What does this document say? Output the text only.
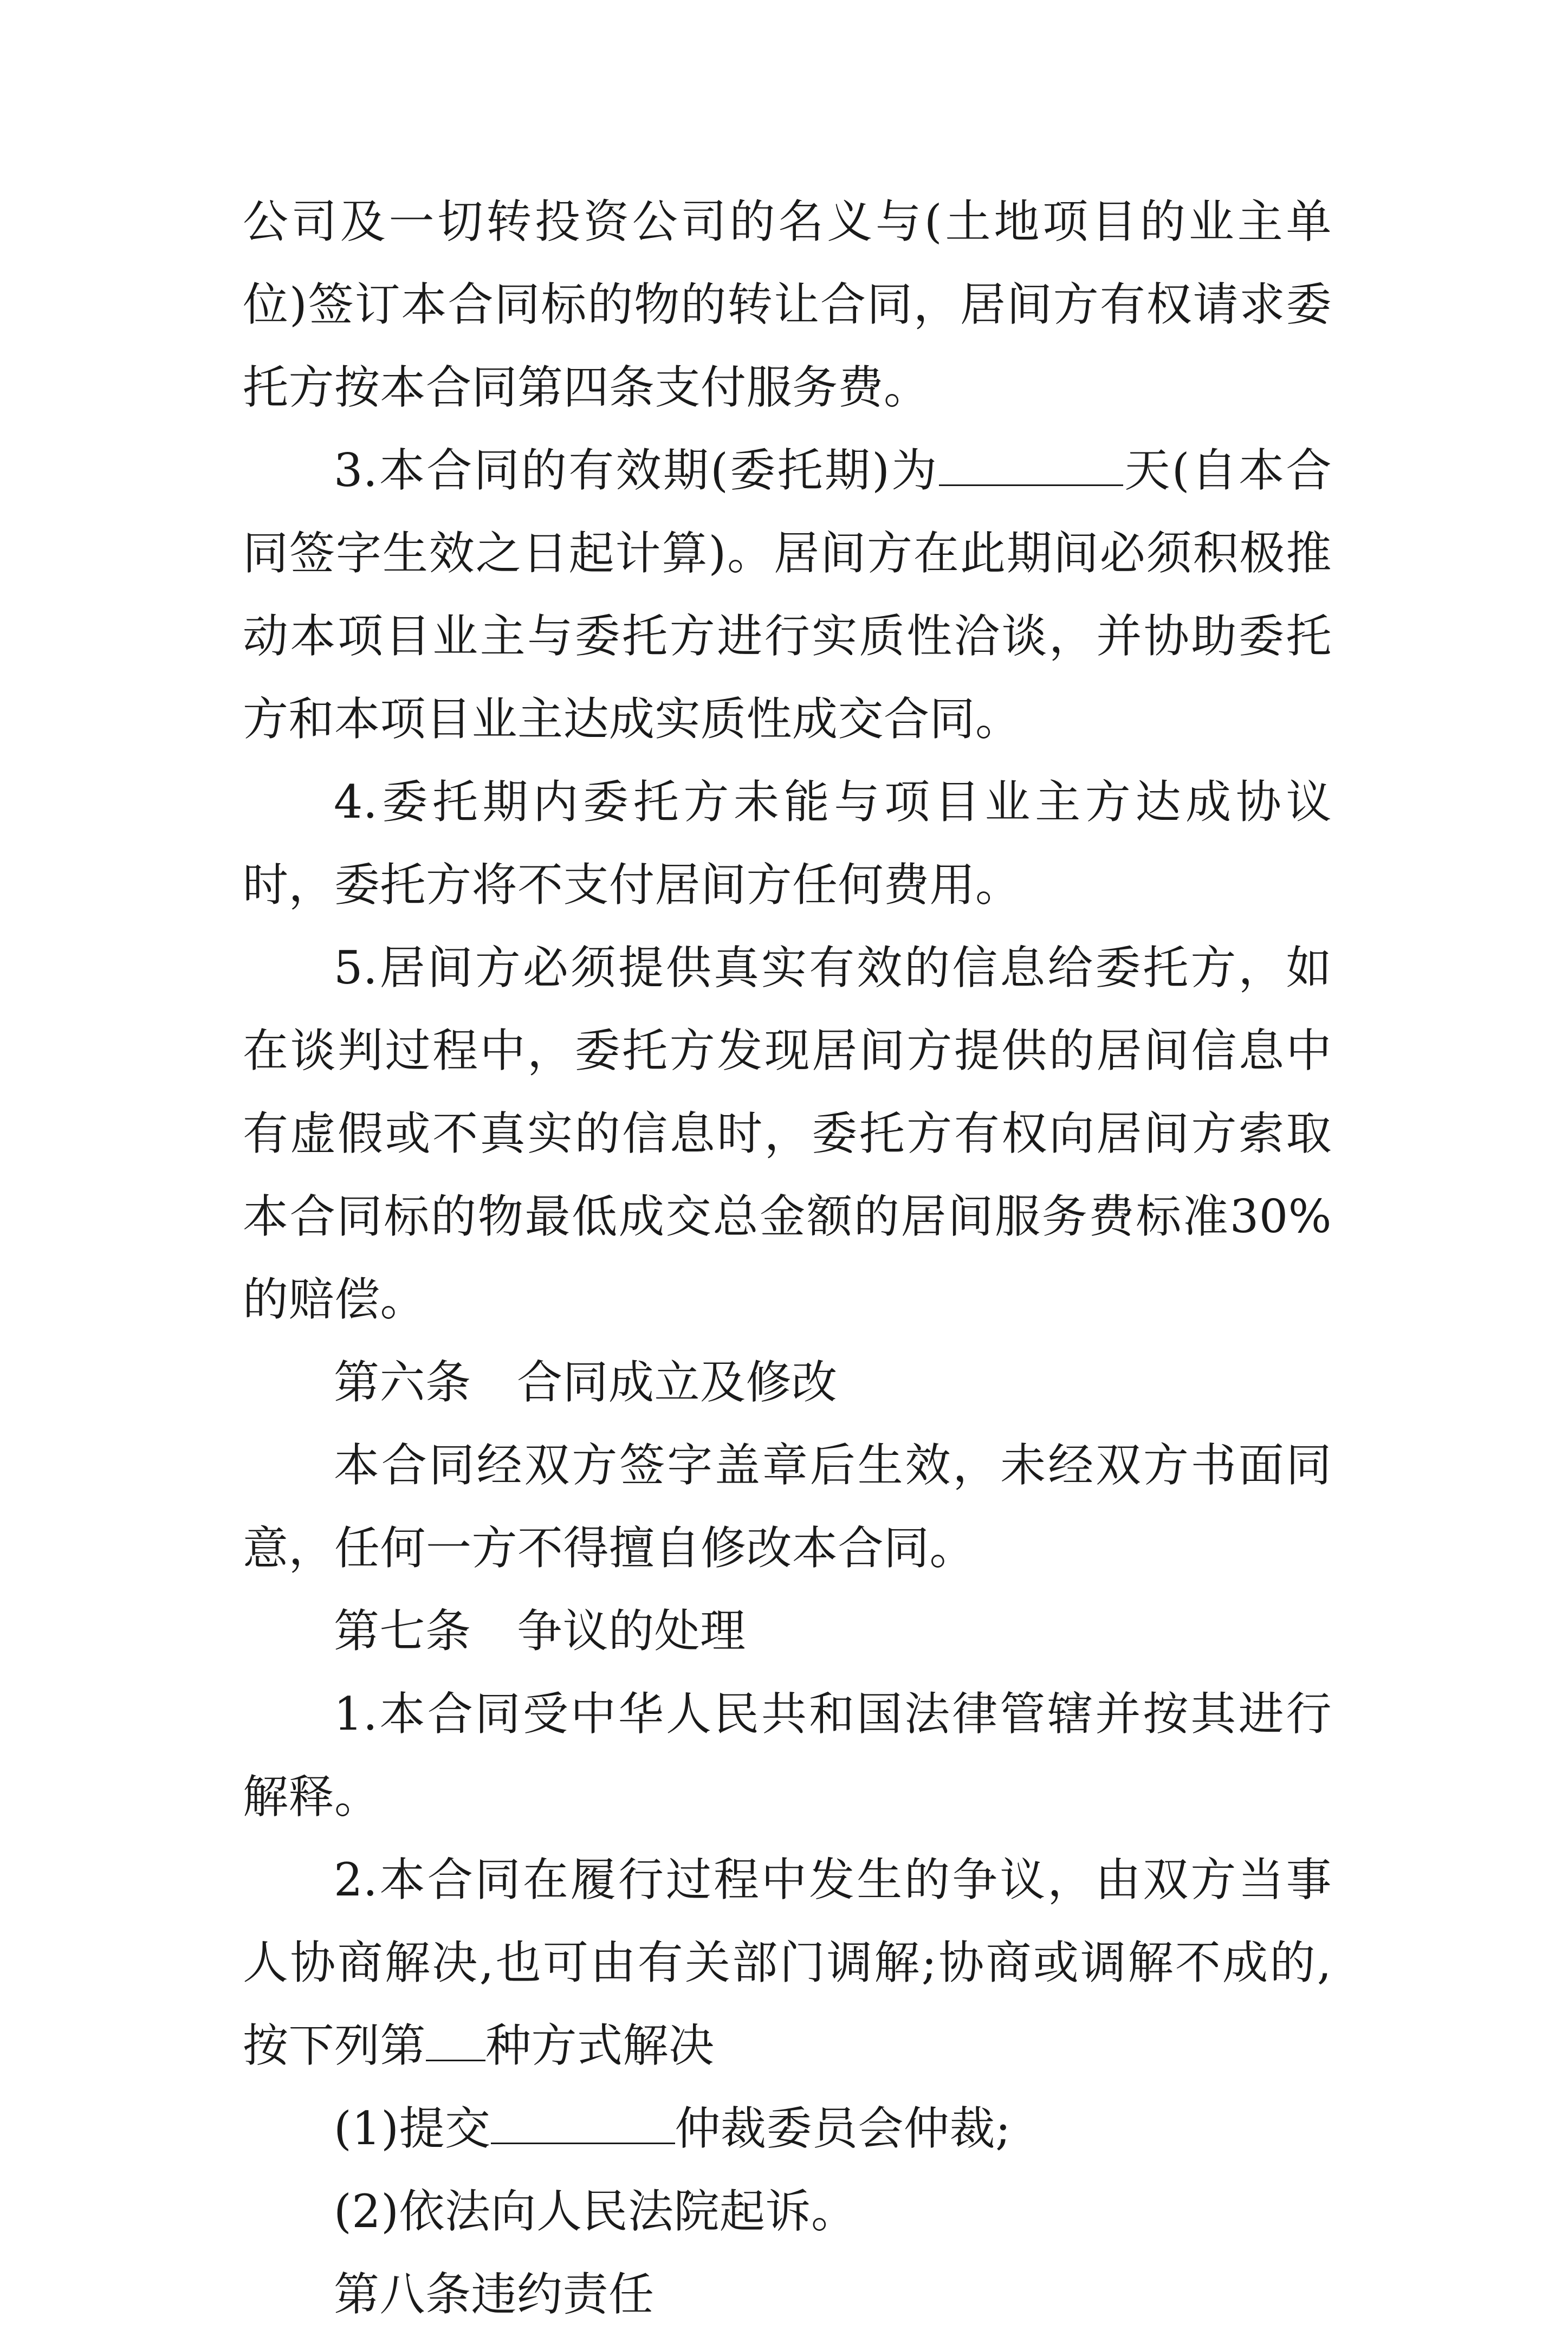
公司及一切转投资公司的名义与(土地项目的业主单位)签订本合同标的物的转让合同，居间方有权请求委托方按本合同第四条支付服务费。

3.本合同的有效期(委托期)为	天(自本合同签字生效之日起计算)。居间方在此期间必须积极推动本项目业主与委托方进行实质性洽谈，并协助委托方和本项目业主达成实质性成交合同。

4.委托期内委托方未能与项目业主方达成协议时，委托方将不支付居间方任何费用。

5.居间方必须提供真实有效的信息给委托方，如在谈判过程中，委托方发现居间方提供的居间信息中有虚假或不真实的信息时，委托方有权向居间方索取本合同标的物最低成交总金额的居间服务费标准30%的赔偿。

第六条　合同成立及修改

本合同经双方签字盖章后生效，未经双方书面同意，任何一方不得擅自修改本合同。

第七条　争议的处理

1.本合同受中华人民共和国法律管辖并按其进行解释。

2.本合同在履行过程中发生的争议，由双方当事人协商解决,也可由有关部门调解;协商或调解不成的,按下列第 种方式解决

(1)提交	仲裁委员会仲裁;

(2)依法向人民法院起诉。

第八条违约责任
